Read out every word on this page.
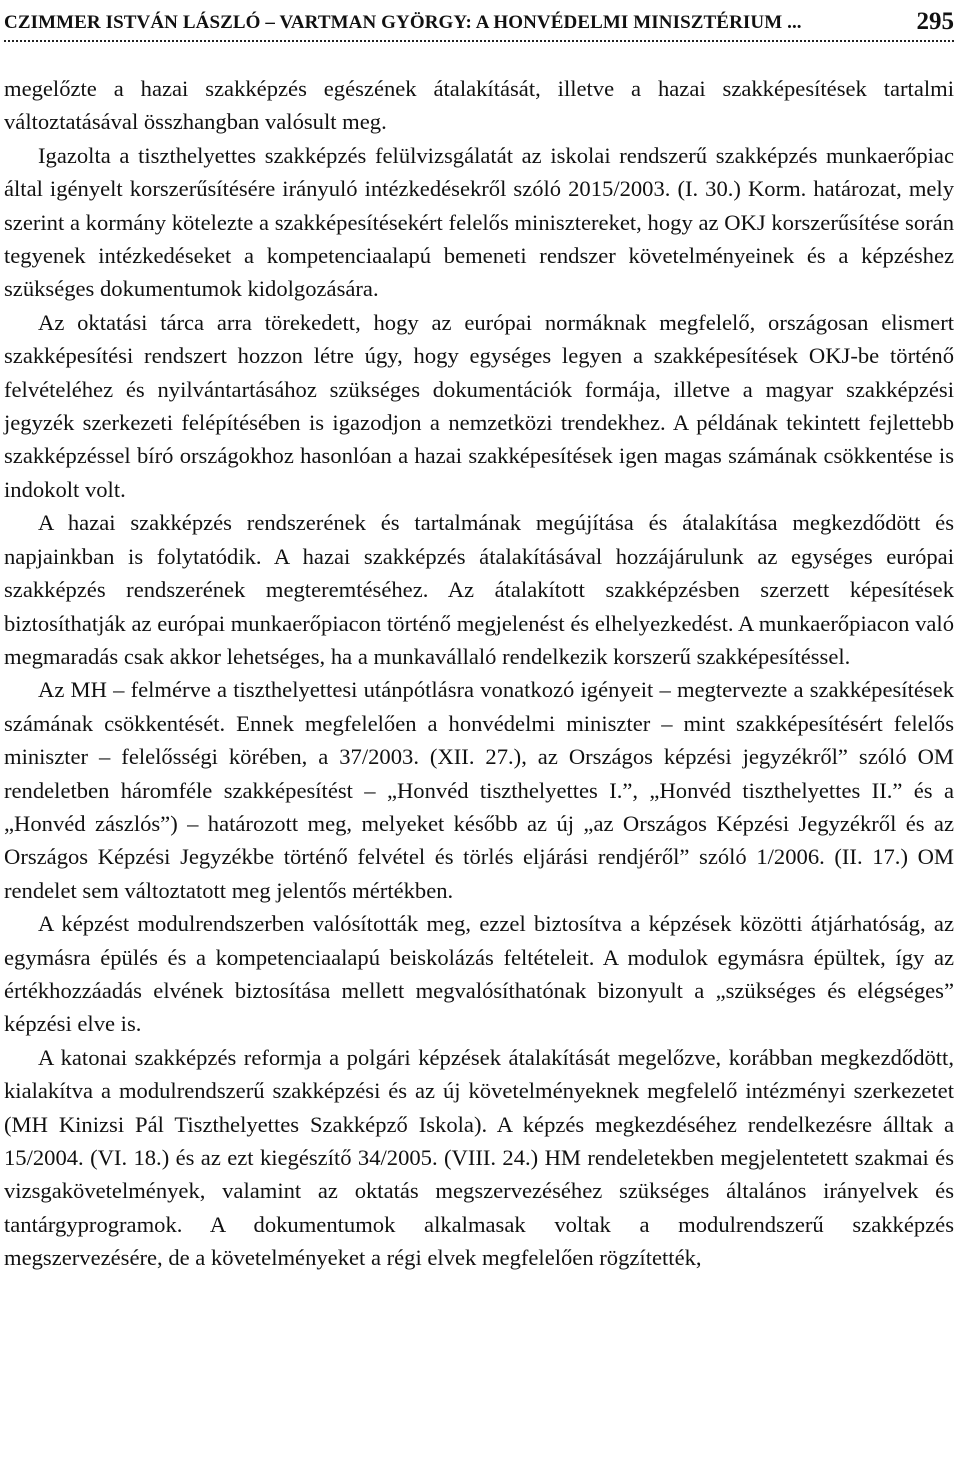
CZIMMER ISTVÁN LÁSZLÓ – VARTMAN GYÖRGY: A HONVÉDELMI MINISZTÉRIUM ...	295

megelőzte a hazai szakképzés egészének átalakítását, illetve a hazai szakképesítések tartalmi változtatásával összhangban valósult meg.

Igazolta a tiszthelyettes szakképzés felülvizsgálatát az iskolai rendszerű szakképzés munkaerőpiac által igényelt korszerűsítésére irányuló intézkedésekről szóló 2015/2003. (I. 30.) Korm. határozat, mely szerint a kormány kötelezte a szakképesítésekért felelős minisztereket, hogy az OKJ korszerűsítése során tegyenek intézkedéseket a kompetenciaalapú bemeneti rendszer követelményeinek és a képzéshez szükséges dokumentumok kidolgozására.

Az oktatási tárca arra törekedett, hogy az európai normáknak megfelelő, országosan elismert szakképesítési rendszert hozzon létre úgy, hogy egységes legyen a szakképesítések OKJ-be történő felvételéhez és nyilvántartásához szükséges dokumentációk formája, illetve a magyar szakképzési jegyzék szerkezeti felépítésében is igazodjon a nemzetközi trendekhez. A példának tekintett fejlettebb szakképzéssel bíró országokhoz hasonlóan a hazai szakképesítések igen magas számának csökkentése is indokolt volt.

A hazai szakképzés rendszerének és tartalmának megújítása és átalakítása megkezdődött és napjainkban is folytatódik. A hazai szakképzés átalakításával hozzájárulunk az egységes európai szakképzés rendszerének megteremtéséhez. Az átalakított szakképzésben szerzett képesítések biztosíthatják az európai munkaerőpiacon történő megjelenést és elhelyezkedést. A munkaerőpiacon való megmaradás csak akkor lehetséges, ha a munkavállaló rendelkezik korszerű szakképesítéssel.

Az MH – felmérve a tiszthelyettesi utánpótlásra vonatkozó igényeit – megtervezte a szakképesítések számának csökkentését. Ennek megfelelően a honvédelmi miniszter – mint szakképesítésért felelős miniszter – felelősségi körében, a 37/2003. (XII. 27.), az Országos képzési jegyzékről” szóló OM rendeletben háromféle szakképesítést – „Honvéd tiszthelyettes I.”, „Honvéd tiszthelyettes II.” és a „Honvéd zászlós”) – határozott meg, melyeket később az új „az Országos Képzési Jegyzékről és az Országos Képzési Jegyzékbe történő felvétel és törlés eljárási rendjéről” szóló 1/2006. (II. 17.) OM rendelet sem változtatott meg jelentős mértékben.

A képzést modulrendszerben valósították meg, ezzel biztosítva a képzések közötti átjárhatóság, az egymásra épülés és a kompetenciaalapú beiskolázás feltételeit. A modulok egymásra épültek, így az értékhozzáadás elvének biztosítása mellett megvalósíthatónak bizonyult a „szükséges és elégséges” képzési elve is.

A katonai szakképzés reformja a polgári képzések átalakítását megelőzve, korábban megkezdődött, kialakítva a modulrendszerű szakképzési és az új követelményeknek megfelelő intézményi szerkezetet (MH Kinizsi Pál Tiszthelyettes Szakképző Iskola). A képzés megkezdéséhez rendelkezésre álltak a 15/2004. (VI. 18.) és az ezt kiegészítő 34/2005. (VIII. 24.) HM rendeletekben megjelentetett szakmai és vizsgakövetelmények, valamint az oktatás megszervezéséhez szükséges általános irányelvek és tantárgyprogramok. A dokumentumok alkalmasak voltak a modulrendszerű szakképzés megszervezésére, de a követelményeket a régi elvek megfelelően rögzítették,
